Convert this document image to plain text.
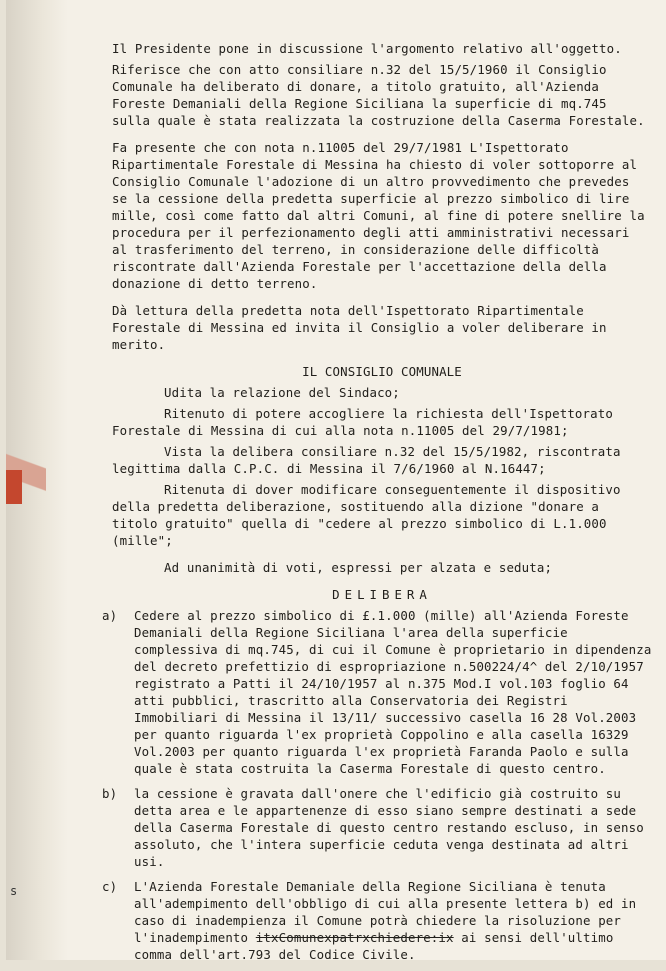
s

Il Presidente pone in discussione l'argomento relativo all'oggetto.

Riferisce che con atto consiliare n.32 del 15/5/1960 il Consiglio Comunale ha deliberato di donare, a titolo gratuito, all'Azienda Foreste Demaniali della Regione Siciliana la superficie di mq.745 sulla quale è stata realizzata la costruzione della Caserma Forestale.

Fa presente che con nota n.11005 del 29/7/1981 L'Ispettorato Ripartimentale Forestale di Messina ha chiesto di voler sottoporre al Consiglio Comunale l'adozione di un altro provvedimento che prevedes se la cessione della predetta superficie al prezzo simbolico di lire mille, così come fatto dal altri Comuni, al fine di potere snellire la procedura per il perfezionamento degli atti amministrativi necessari al trasferimento del terreno, in considerazione delle difficoltà riscontrate dall'Azienda Forestale per l'accettazione della della donazione di detto terreno.

Dà lettura della predetta nota dell'Ispettorato Ripartimentale Forestale di Messina ed invita il Consiglio a voler deliberare in merito.

IL CONSIGLIO COMUNALE

Udita la relazione del Sindaco;

Ritenuto di potere accogliere la richiesta dell'Ispettorato Forestale di Messina di cui alla nota n.11005 del 29/7/1981;

Vista la delibera consiliare n.32 del 15/5/1982, riscontrata legittima dalla C.P.C. di Messina il 7/6/1960 al N.16447;

Ritenuta di dover modificare conseguentemente il dispositivo della predetta deliberazione, sostituendo alla dizione "donare a titolo gratuito" quella di "cedere al prezzo simbolico di L.1.000 (mille";

Ad unanimità di voti, espressi per alzata e seduta;

DELIBERA

a) Cedere al prezzo simbolico di £.1.000 (mille) all'Azienda Foreste Demaniali della Regione Siciliana l'area della superficie complessiva di mq.745, di cui il Comune è proprietario in dipendenza del decreto prefettizio di espropriazione n.500224/4^ del 2/10/1957 registrato a Patti il 24/10/1957 al n.375 Mod.I vol.103 foglio 64 atti pubblici, trascritto alla Conservatoria dei Registri Immobiliari di Messina il 13/11/ successivo casella 16 28 Vol.2003 per quanto riguarda l'ex proprietà Coppolino e alla casella 16329 Vol.2003 per quanto riguarda l'ex proprietà Faranda Paolo e sulla quale è stata costruita la Caserma Forestale di questo centro.
b) la cessione è gravata dall'onere che l'edificio già costruito su detta area e le appartenenze di esso siano sempre destinati a sede della Caserma Forestale di questo centro restando escluso, in senso assoluto, che l'intera superficie ceduta venga destinata ad altri usi.
c) L'Azienda Forestale Demaniale della Regione Siciliana è tenuta all'adempimento dell'obbligo di cui alla presente lettera b) ed in caso di inadempienza il Comune potrà chiedere la risoluzione per l'inadempimento itxComunexpatrxchiedere:ix ai sensi dell'ultimo comma dell'art.793 del Codice Civile.
